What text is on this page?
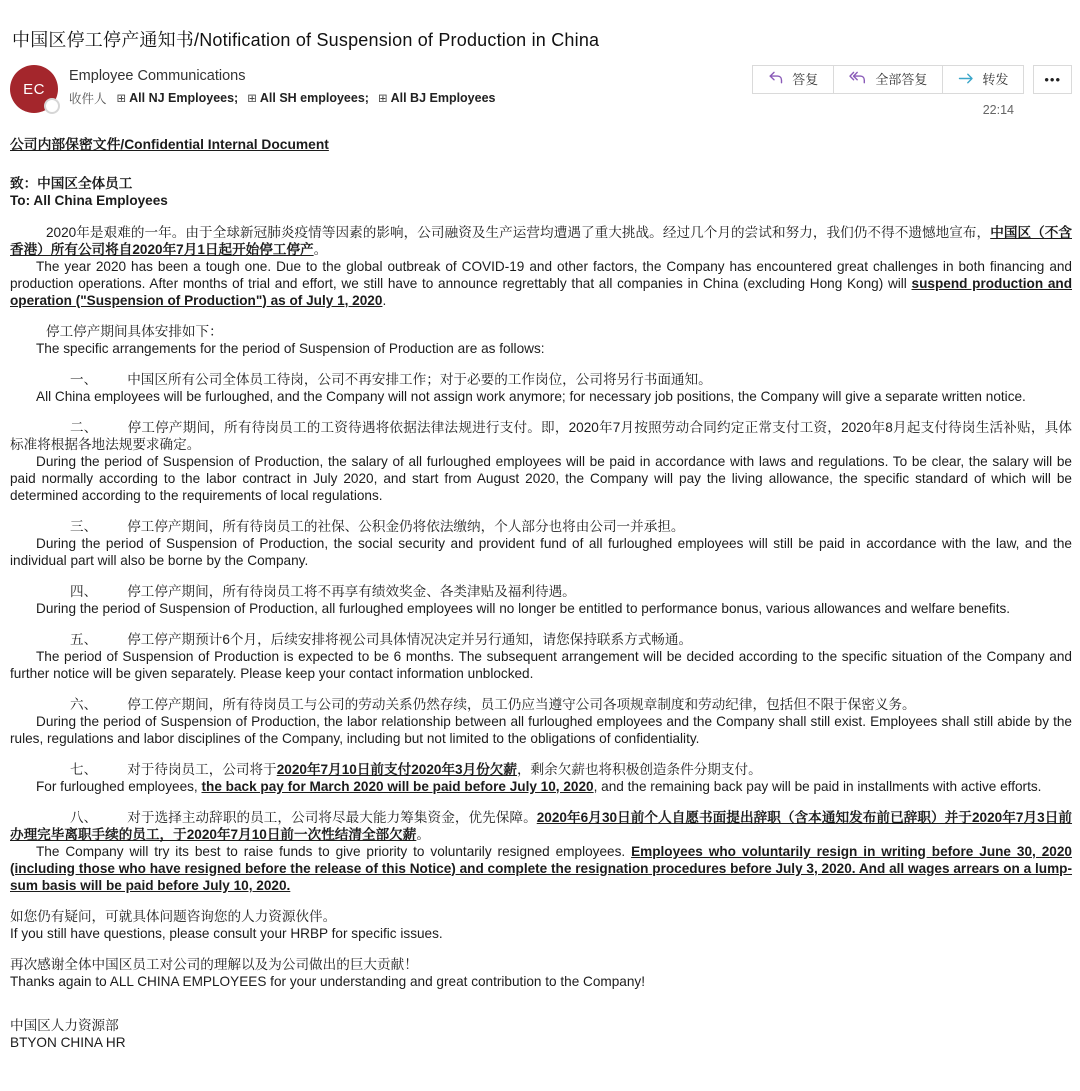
中国区停工停产通知书/Notification of Suspension of Production in China
EC
Employee Communications
收件人 ⊞ All NJ Employees; ⊞ All SH employees; ⊞ All BJ Employees
答复	全部答复	转发	•••
22:14

公司内部保密文件/Confidential Internal Document

致：中国区全体员工

To: All China Employees

2020年是艰难的一年。由于全球新冠肺炎疫情等因素的影响，公司融资及生产运营均遭遇了重大挑战。经过几个月的尝试和努力，我们仍不得不遗憾地宣布，中国区（不含香港）所有公司将自2020年7月1日起开始停工停产。

The year 2020 has been a tough one. Due to the global outbreak of COVID-19 and other factors, the Company has encountered great challenges in both financing and production operations. After months of trial and effort, we still have to announce regrettably that all companies in China (excluding Hong Kong) will suspend production and operation ("Suspension of Production") as of July 1, 2020.

停工停产期间具体安排如下：

The specific arrangements for the period of Suspension of Production are as follows:

一、 中国区所有公司全体员工待岗，公司不再安排工作；对于必要的工作岗位，公司将另行书面通知。

All China employees will be furloughed, and the Company will not assign work anymore; for necessary job positions, the Company will give a separate written notice.

二、 停工停产期间，所有待岗员工的工资待遇将依据法律法规进行支付。即，2020年7月按照劳动合同约定正常支付工资，2020年8月起支付待岗生活补贴，具体标准将根据各地法规要求确定。

During the period of Suspension of Production, the salary of all furloughed employees will be paid in accordance with laws and regulations. To be clear, the salary will be paid normally according to the labor contract in July 2020, and start from August 2020, the Company will pay the living allowance, the specific standard of which will be determined according to the requirements of local regulations.

三、 停工停产期间，所有待岗员工的社保、公积金仍将依法缴纳，个人部分也将由公司一并承担。

During the period of Suspension of Production, the social security and provident fund of all furloughed employees will still be paid in accordance with the law, and the individual part will also be borne by the Company.

四、 停工停产期间，所有待岗员工将不再享有绩效奖金、各类津贴及福利待遇。

During the period of Suspension of Production, all furloughed employees will no longer be entitled to performance bonus, various allowances and welfare benefits.

五、 停工停产期预计6个月，后续安排将视公司具体情况决定并另行通知，请您保持联系方式畅通。

The period of Suspension of Production is expected to be 6 months. The subsequent arrangement will be decided according to the specific situation of the Company and further notice will be given separately. Please keep your contact information unblocked.

六、 停工停产期间，所有待岗员工与公司的劳动关系仍然存续，员工仍应当遵守公司各项规章制度和劳动纪律，包括但不限于保密义务。

During the period of Suspension of Production, the labor relationship between all furloughed employees and the Company shall still exist. Employees shall still abide by the rules, regulations and labor disciplines of the Company, including but not limited to the obligations of confidentiality.

七、 对于待岗员工，公司将于2020年7月10日前支付2020年3月份欠薪，剩余欠薪也将积极创造条件分期支付。

For furloughed employees, the back pay for March 2020 will be paid before July 10, 2020, and the remaining back pay will be paid in installments with active efforts.

八、 对于选择主动辞职的员工，公司将尽最大能力筹集资金，优先保障。2020年6月30日前个人自愿书面提出辞职（含本通知发布前已辞职）并于2020年7月3日前办理完毕离职手续的员工，于2020年7月10日前一次性结清全部欠薪。

The Company will try its best to raise funds to give priority to voluntarily resigned employees. Employees who voluntarily resign in writing before June 30, 2020 (including those who have resigned before the release of this Notice) and complete the resignation procedures before July 3, 2020. And all wages arrears on a lump-sum basis will be paid before July 10, 2020.

如您仍有疑问，可就具体问题咨询您的人力资源伙伴。

If you still have questions, please consult your HRBP for specific issues.

再次感谢全体中国区员工对公司的理解以及为公司做出的巨大贡献！

Thanks again to ALL CHINA EMPLOYEES for your understanding and great contribution to the Company!

中国区人力资源部

BTYON CHINA HR
